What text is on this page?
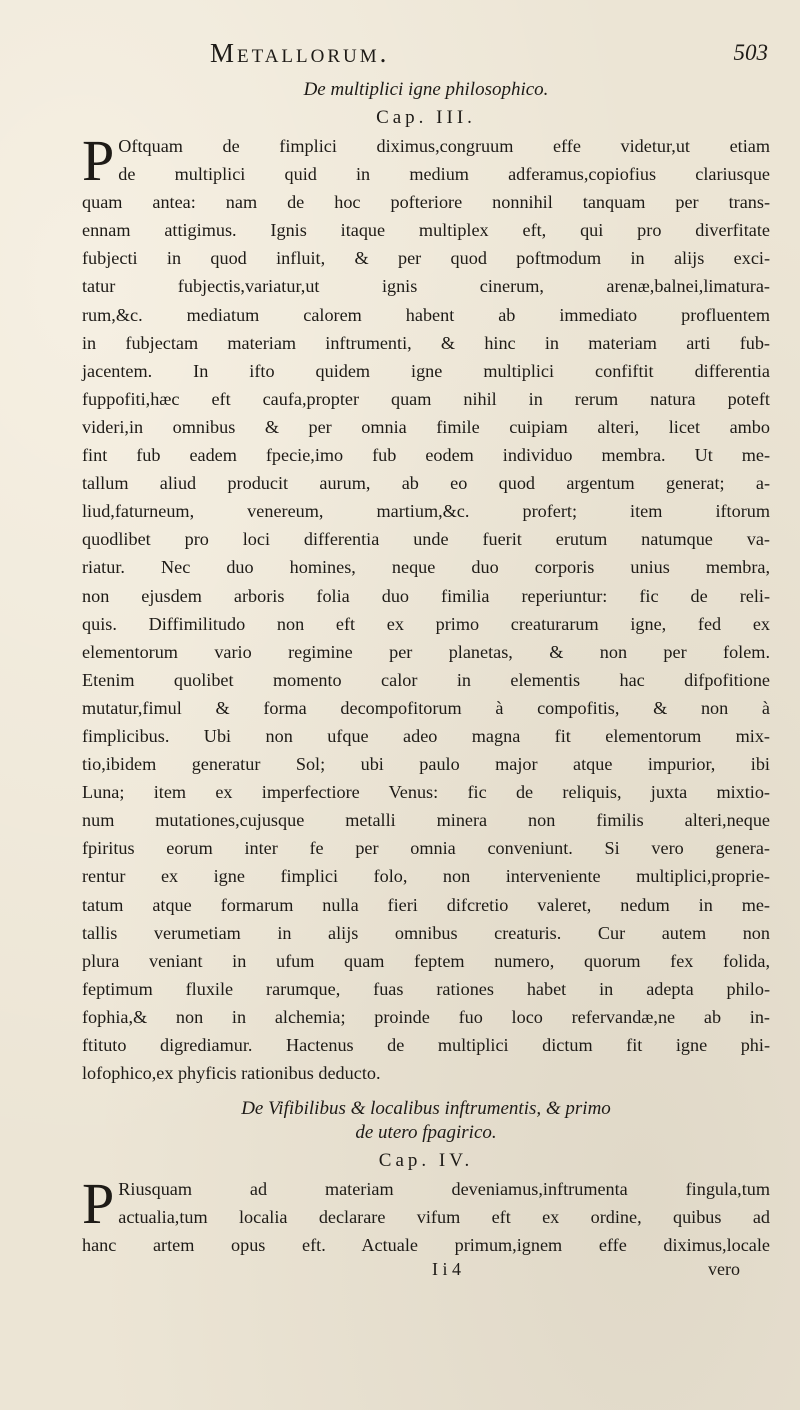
Metallorum.	503
De multiplici igne philosophico.
Cap. III.
P Oftquam de fimplici diximus,congruum effe videtur,ut etiam
de multiplici quid in medium adferamus,copiofius clariusque
quam antea: nam de hoc pofteriore nonnihil tanquam per trans-
ennam attigimus. Ignis itaque multiplex eft, qui pro diverfitate
fubjecti in quod influit, & per quod poftmodum in alijs exci-
tatur fubjectis,variatur,ut ignis cinerum, arenæ,balnei,limatura-
rum,&c. mediatum calorem habent ab immediato profluentem
in fubjectam materiam inftrumenti, & hinc in materiam arti fub-
jacentem. In ifto quidem igne multiplici confiftit differentia
fuppofiti,hæc eft caufa,propter quam nihil in rerum natura poteft
videri,in omnibus & per omnia fimile cuipiam alteri, licet ambo
fint fub eadem fpecie,imo fub eodem individuo membra. Ut me-
tallum aliud producit aurum, ab eo quod argentum generat; a-
liud,faturneum, venereum, martium,&c. profert; item iftorum
quodlibet pro loci differentia unde fuerit erutum natumque va-
riatur. Nec duo homines, neque duo corporis unius membra,
non ejusdem arboris folia duo fimilia reperiuntur: fic de reli-
quis. Diffimilitudo non eft ex primo creaturarum igne, fed ex
elementorum vario regimine per planetas, & non per folem.
Etenim quolibet momento calor in elementis hac difpofitione
mutatur,fimul & forma decompofitorum à compofitis, & non à
fimplicibus. Ubi non ufque adeo magna fit elementorum mix-
tio,ibidem generatur Sol; ubi paulo major atque impurior, ibi
Luna; item ex imperfectiore Venus: fic de reliquis, juxta mixtio-
num mutationes,cujusque metalli minera non fimilis alteri,neque
fpiritus eorum inter fe per omnia conveniunt. Si vero genera-
rentur ex igne fimplici folo, non interveniente multiplici,proprie-
tatum atque formarum nulla fieri difcretio valeret, nedum in me-
tallis verumetiam in alijs omnibus creaturis. Cur autem non
plura veniant in ufum quam feptem numero, quorum fex folida,
feptimum fluxile rarumque, fuas rationes habet in adepta philo-
fophia,& non in alchemia; proinde fuo loco refervandæ,ne ab in-
ftituto digrediamur. Hactenus de multiplici dictum fit igne phi-
lofophico,ex phyficis rationibus deducto.
De Vifibilibus & localibus inftrumentis, & primo
de utero fpagirico.
Cap. IV.
P Riusquam ad materiam deveniamus,inftrumenta fingula,tum
actualia,tum localia declarare vifum eft ex ordine, quibus ad
hanc artem opus eft. Actuale primum,ignem effe diximus,locale
I i 4	vero
